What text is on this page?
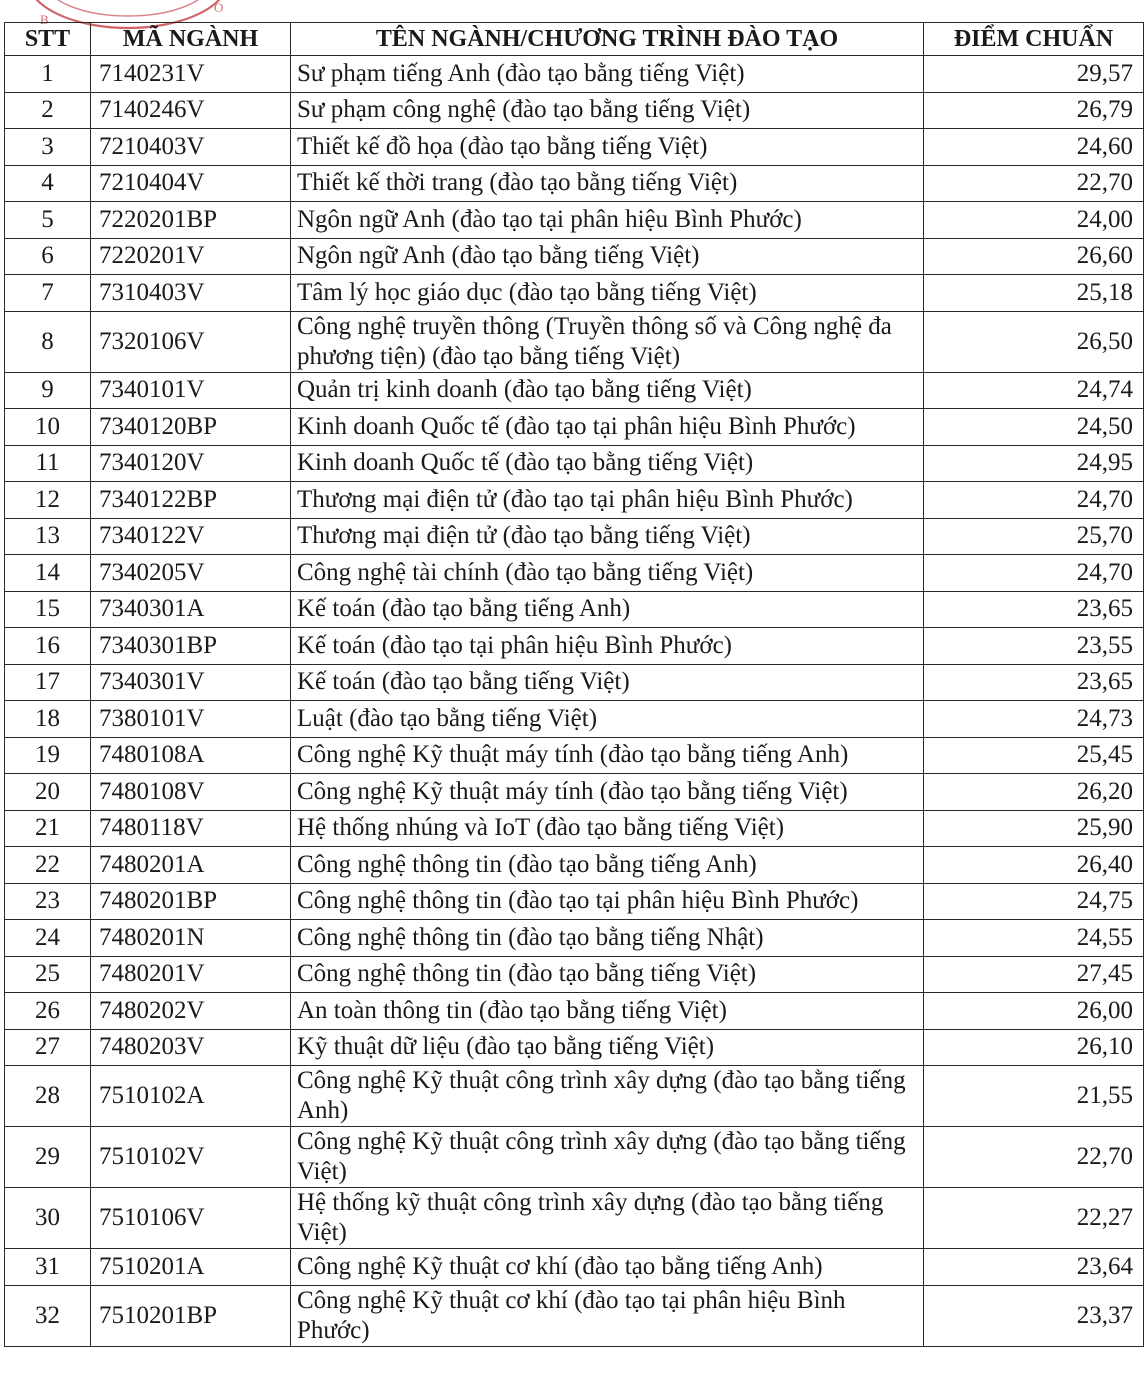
B
O
STT	MÃ NGÀNH	TÊN NGÀNH/CHƯƠNG TRÌNH ĐÀO TẠO	ĐIỂM CHUẨN
1	7140231V	Sư phạm tiếng Anh (đào tạo bằng tiếng Việt)	29,57
2	7140246V	Sư phạm công nghệ (đào tạo bằng tiếng Việt)	26,79
3	7210403V	Thiết kế đồ họa (đào tạo bằng tiếng Việt)	24,60
4	7210404V	Thiết kế thời trang (đào tạo bằng tiếng Việt)	22,70
5	7220201BP	Ngôn ngữ Anh (đào tạo tại phân hiệu Bình Phước)	24,00
6	7220201V	Ngôn ngữ Anh (đào tạo bằng tiếng Việt)	26,60
7	7310403V	Tâm lý học giáo dục (đào tạo bằng tiếng Việt)	25,18
8	7320106V	Công nghệ truyền thông (Truyền thông số và Công nghệ đa phương tiện) (đào tạo bằng tiếng Việt)	26,50
9	7340101V	Quản trị kinh doanh (đào tạo bằng tiếng Việt)	24,74
10	7340120BP	Kinh doanh Quốc tế (đào tạo tại phân hiệu Bình Phước)	24,50
11	7340120V	Kinh doanh Quốc tế (đào tạo bằng tiếng Việt)	24,95
12	7340122BP	Thương mại điện tử (đào tạo tại phân hiệu Bình Phước)	24,70
13	7340122V	Thương mại điện tử (đào tạo bằng tiếng Việt)	25,70
14	7340205V	Công nghệ tài chính (đào tạo bằng tiếng Việt)	24,70
15	7340301A	Kế toán (đào tạo bằng tiếng Anh)	23,65
16	7340301BP	Kế toán (đào tạo tại phân hiệu Bình Phước)	23,55
17	7340301V	Kế toán (đào tạo bằng tiếng Việt)	23,65
18	7380101V	Luật (đào tạo bằng tiếng Việt)	24,73
19	7480108A	Công nghệ Kỹ thuật máy tính (đào tạo bằng tiếng Anh)	25,45
20	7480108V	Công nghệ Kỹ thuật máy tính (đào tạo bằng tiếng Việt)	26,20
21	7480118V	Hệ thống nhúng và IoT (đào tạo bằng tiếng Việt)	25,90
22	7480201A	Công nghệ thông tin (đào tạo bằng tiếng Anh)	26,40
23	7480201BP	Công nghệ thông tin (đào tạo tại phân hiệu Bình Phước)	24,75
24	7480201N	Công nghệ thông tin (đào tạo bằng tiếng Nhật)	24,55
25	7480201V	Công nghệ thông tin (đào tạo bằng tiếng Việt)	27,45
26	7480202V	An toàn thông tin (đào tạo bằng tiếng Việt)	26,00
27	7480203V	Kỹ thuật dữ liệu (đào tạo bằng tiếng Việt)	26,10
28	7510102A	Công nghệ Kỹ thuật công trình xây dựng (đào tạo bằng tiếng Anh)	21,55
29	7510102V	Công nghệ Kỹ thuật công trình xây dựng (đào tạo bằng tiếng Việt)	22,70
30	7510106V	Hệ thống kỹ thuật công trình xây dựng (đào tạo bằng tiếng Việt)	22,27
31	7510201A	Công nghệ Kỹ thuật cơ khí (đào tạo bằng tiếng Anh)	23,64
32	7510201BP	Công nghệ Kỹ thuật cơ khí (đào tạo tại phân hiệu Bình Phước)	23,37
